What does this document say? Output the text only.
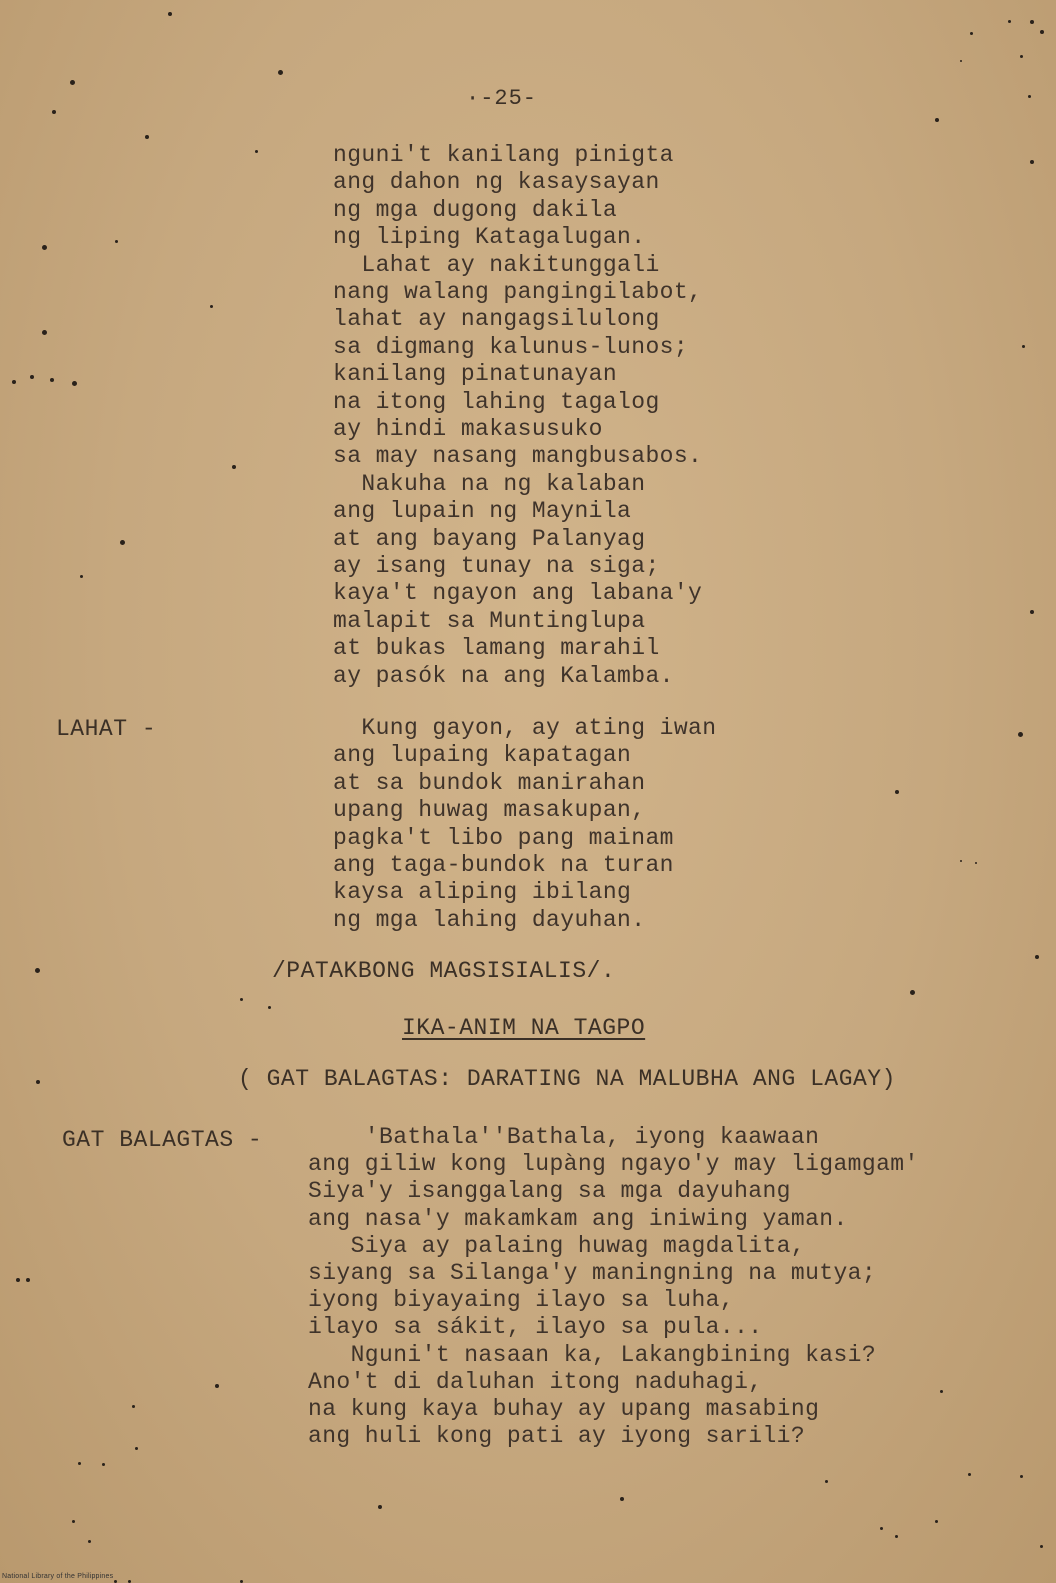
·-25-
nguni't kanilang pinigta
ang dahon ng kasaysayan
ng mga dugong dakila
ng liping Katagalugan.
Lahat ay nakitunggali
nang walang pangingilabot,
lahat ay nangagsilulong
sa digmang kalunus-lunos;
kanilang pinatunayan
na itong lahing tagalog
ay hindi makasusuko
sa may nasang mangbusabos.
Nakuha na ng kalaban
ang lupain ng Maynila
at ang bayang Palanyag
ay isang tunay na siga;
kaya't ngayon ang labana'y
malapit sa Muntinglupa
at bukas lamang marahil
ay pasók na ang Kalamba.
LAHAT -	Kung gayon, ay ating iwan
ang lupaing kapatagan
at sa bundok manirahan
upang huwag masakupan,
pagka't libo pang mainam
ang taga-bundok na turan
kaysa aliping ibilang
ng mga lahing dayuhan.
/PATAKBONG MAGSISIALIS/.
IKA-ANIM NA TAGPO
( GAT BALAGTAS: DARATING NA MALUBHA ANG LAGAY)
GAT BALAGTAS - 'Bathala''Bathala, iyong kaawaan
ang giliw kong lupàng ngayo'y may ligamgam'
Siya'y isanggalang sa mga dayuhang
ang nasa'y makamkam ang iniwing yaman.
Siya ay palaing huwag magdalita,
siyang sa Silanga'y maningning na mutya;
iyong biyayaing ilayo sa luha,
ilayo sa sákit, ilayo sa pula...
Nguni't nasaan ka, Lakangbining kasi?
Ano't di daluhan itong naduhagi,
na kung kaya buhay ay upang masabing
ang huli kong pati ay iyong sarili?
National Library of the Philippines
